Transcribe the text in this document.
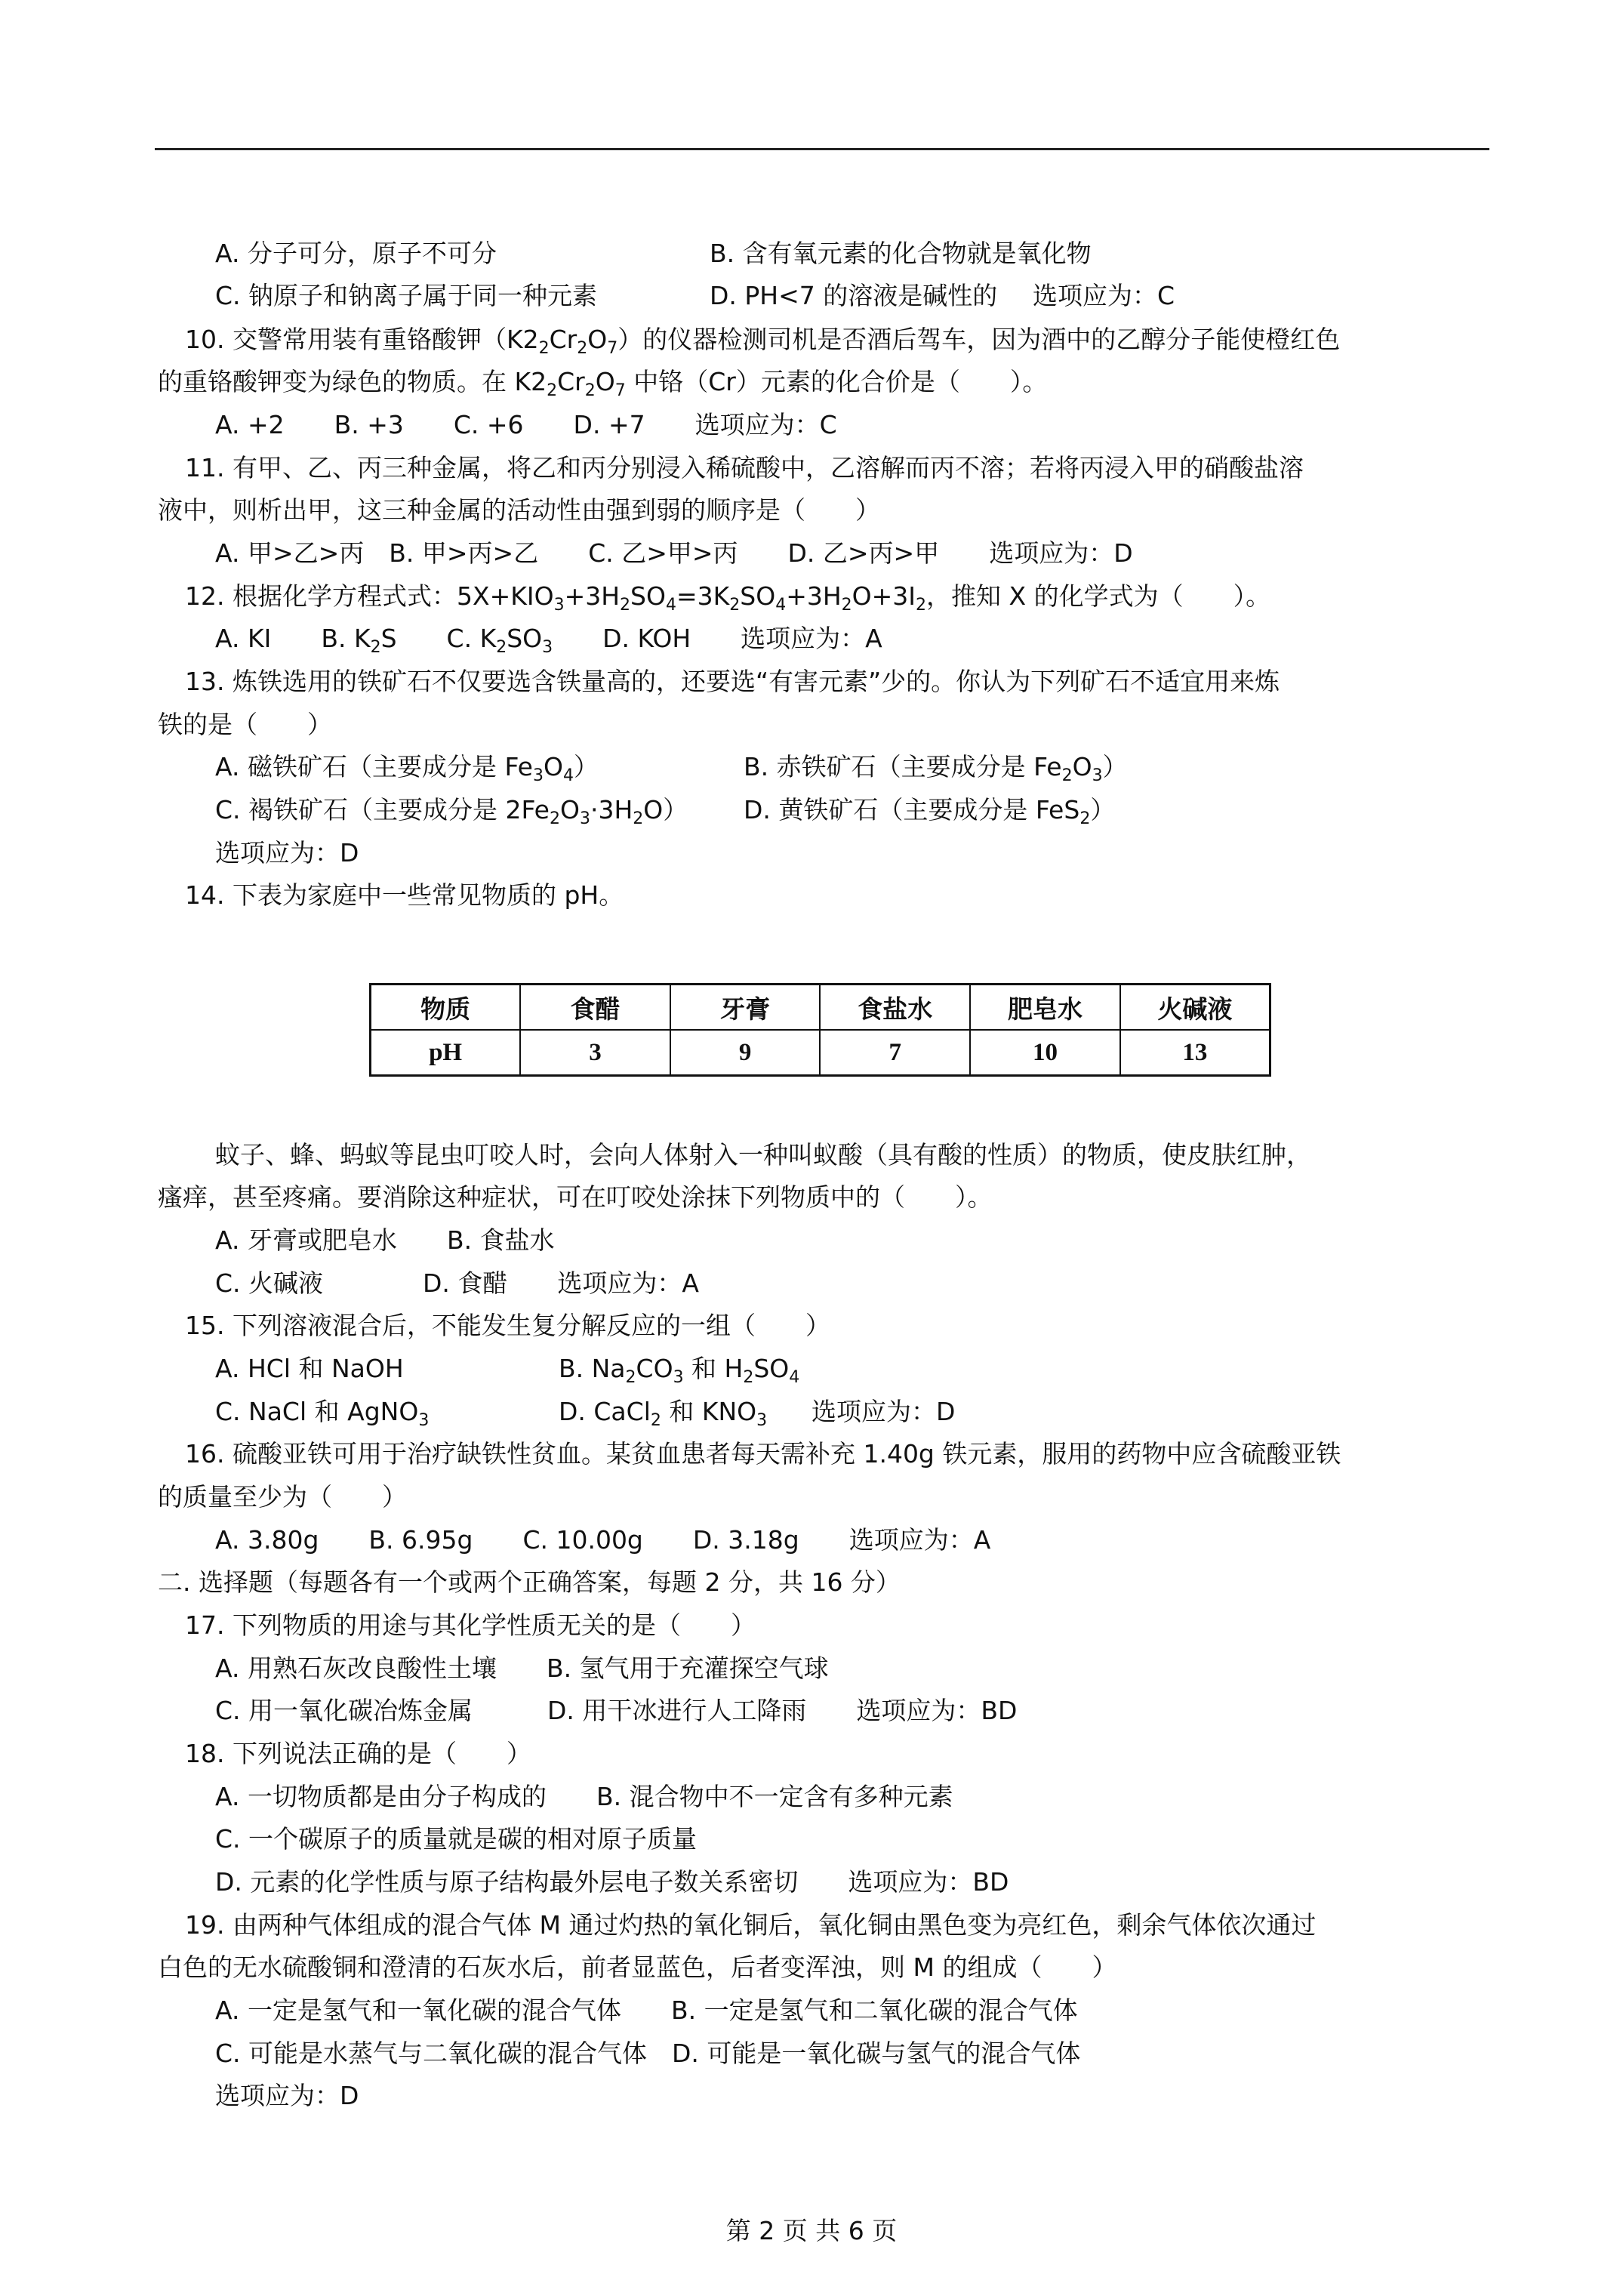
A. 分子可分，原子不可分	B. 含有氧元素的化合物就是氧化物
C. 钠原子和钠离子属于同一种元素	D. PH<7 的溶液是碱性的 选项应为：C
10. 交警常用装有重铬酸钾$(K2_2Cr_2O_7)$的仪器检测司机是否酒后驾车，因为酒中的乙醇分子能使橙红色
的重铬酸钾变为绿色的物质。在 $K2_2Cr_2O_7$ 中铬（Cr）元素的化合价是（　　）。
A. +2　　B. +3　　C. +6　　D. +7　　选项应为：C
11. 有甲、乙、丙三种金属，将乙和丙分别浸入稀硫酸中，乙溶解而丙不溶；若将丙浸入甲的硝酸盐溶
液中，则析出甲，这三种金属的活动性由强到弱的顺序是（　　）
A. 甲>乙>丙　B. 甲>丙>乙　　C. 乙>甲>丙　　D. 乙>丙>甲　　选项应为：D
12. 根据化学方程式式：$5X+KIO_3+3H_2SO_4=3K_2SO_4+3H_2O+3I_2$，推知 X 的化学式为（　　）。
A. KI　　B. $K_2S$　　C. $K_2SO_3$　　D. KOH　　选项应为：A
13. 炼铁选用的铁矿石不仅要选含铁量高的，还要选“有害元素”少的。你认为下列矿石不适宜用来炼
铁的是（　　）
A. 磁铁矿石（主要成分是 $Fe_3O_4$）	B. 赤铁矿石（主要成分是 $Fe_2O_3$）
C. 褐铁矿石（主要成分是 $2Fe_2O_3\cdot 3H_2O$） D. 黄铁矿石（主要成分是 FeS$_2$）
选项应为：D
14. 下表为家庭中一些常见物质的 pH。
物质	食醋	牙膏	食盐水	肥皂水	火碱液
pH	3	9	7	10	13
蚊子、蜂、蚂蚁等昆虫叮咬人时，会向人体射入一种叫蚁酸（具有酸的性质）的物质，使皮肤红肿，
瘙痒，甚至疼痛。要消除这种症状，可在叮咬处涂抹下列物质中的（　　）。
A. 牙膏或肥皂水　　B. 食盐水
C. 火碱液　　　　D. 食醋　　选项应为：A
15. 下列溶液混合后，不能发生复分解反应的一组（　　）
A. HCl 和 NaOH	B. $Na_2CO_3$ 和 $H_2SO_4$
C. NaCl 和 AgNO$_3$	D. CaCl$_2$ 和 $KNO_3$ 选项应为：D
16. 硫酸亚铁可用于治疗缺铁性贫血。某贫血患者每天需补充 1.40g 铁元素，服用的药物中应含硫酸亚铁
的质量至少为（　　）
A. 3.80g　　B. 6.95g　　C. 10.00g　　D. 3.18g　　选项应为：A
二. 选择题（每题各有一个或两个正确答案，每题 2 分，共 16 分）
17. 下列物质的用途与其化学性质无关的是（　　）
A. 用熟石灰改良酸性土壤　　B. 氢气用于充灌探空气球
C. 用一氧化碳冶炼金属　　　D. 用干冰进行人工降雨　　选项应为：BD
18. 下列说法正确的是（　　）
A. 一切物质都是由分子构成的　　B. 混合物中不一定含有多种元素
C. 一个碳原子的质量就是碳的相对原子质量
D. 元素的化学性质与原子结构最外层电子数关系密切　　选项应为：BD
19. 由两种气体组成的混合气体 M 通过灼热的氧化铜后，氧化铜由黑色变为亮红色，剩余气体依次通过
白色的无水硫酸铜和澄清的石灰水后，前者显蓝色，后者变浑浊，则 M 的组成（　　）
A. 一定是氢气和一氧化碳的混合气体　　B. 一定是氢气和二氧化碳的混合气体
C. 可能是水蒸气与二氧化碳的混合气体　D. 可能是一氧化碳与氢气的混合气体
选项应为：D
第 2 页 共 6 页
